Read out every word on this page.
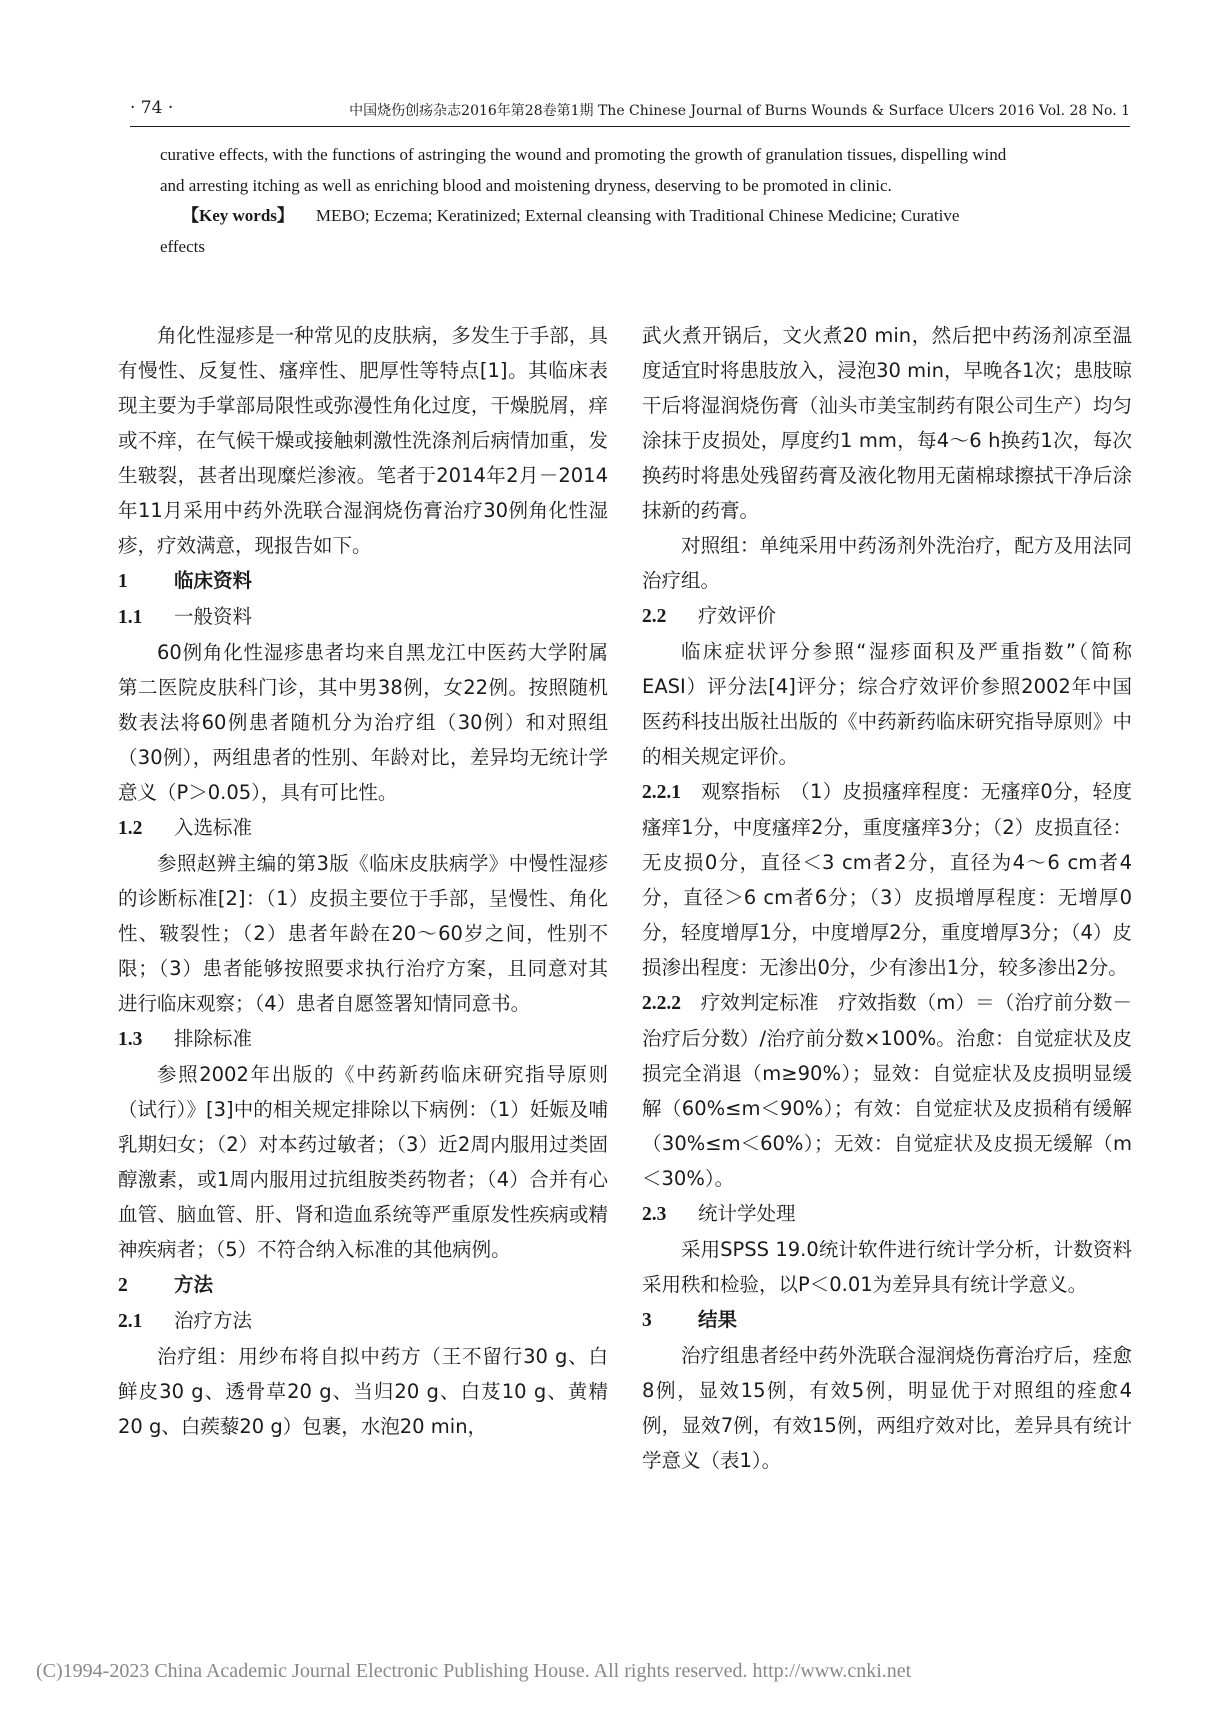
· 74 ·	中国烧伤创疡杂志2016年第28卷第1期 The Chinese Journal of Burns Wounds & Surface Ulcers 2016 Vol. 28 No. 1
curative effects, with the functions of astringing the wound and promoting the growth of granulation tissues, dispelling wind
and arresting itching as well as enriching blood and moistening dryness, deserving to be promoted in clinic.
【Key words】 MEBO; Eczema; Keratinized; External cleansing with Traditional Chinese Medicine; Curative
effects

角化性湿疹是一种常见的皮肤病，多发生于手部，具有慢性、反复性、瘙痒性、肥厚性等特点[1]。其临床表现主要为手掌部局限性或弥漫性角化过度，干燥脱屑，痒或不痒，在气候干燥或接触刺激性洗涤剂后病情加重，发生皲裂，甚者出现糜烂渗液。笔者于2014年2月－2014年11月采用中药外洗联合湿润烧伤膏治疗30例角化性湿疹，疗效满意，现报告如下。

1 临床资料
1.1 一般资料

60例角化性湿疹患者均来自黑龙江中医药大学附属第二医院皮肤科门诊，其中男38例，女22例。按照随机数表法将60例患者随机分为治疗组（30例）和对照组（30例），两组患者的性别、年龄对比，差异均无统计学意义（P＞0.05），具有可比性。

1.2 入选标准

参照赵辨主编的第3版《临床皮肤病学》中慢性湿疹的诊断标准[2]：（1）皮损主要位于手部，呈慢性、角化性、皲裂性；（2）患者年龄在20～60岁之间，性别不限；（3）患者能够按照要求执行治疗方案，且同意对其进行临床观察；（4）患者自愿签署知情同意书。

1.3 排除标准

参照2002年出版的《中药新药临床研究指导原则（试行）》[3]中的相关规定排除以下病例：（1）妊娠及哺乳期妇女；（2）对本药过敏者；（3）近2周内服用过类固醇激素，或1周内服用过抗组胺类药物者；（4）合并有心血管、脑血管、肝、肾和造血系统等严重原发性疾病或精神疾病者；（5）不符合纳入标准的其他病例。

2 方法
2.1 治疗方法

治疗组：用纱布将自拟中药方（王不留行30 g、白鲜皮30 g、透骨草20 g、当归20 g、白芨10 g、黄精20 g、白蒺藜20 g）包裹，水泡20 min，

武火煮开锅后，文火煮20 min，然后把中药汤剂凉至温度适宜时将患肢放入，浸泡30 min，早晚各1次；患肢晾干后将湿润烧伤膏（汕头市美宝制药有限公司生产）均匀涂抹于皮损处，厚度约1 mm，每4～6 h换药1次，每次换药时将患处残留药膏及液化物用无菌棉球擦拭干净后涂抹新的药膏。

对照组：单纯采用中药汤剂外洗治疗，配方及用法同治疗组。

2.2 疗效评价

临床症状评分参照“湿疹面积及严重指数”（简称EASI）评分法[4]评分；综合疗效评价参照2002年中国医药科技出版社出版的《中药新药临床研究指导原则》中的相关规定评价。

2.2.1　 观察指标　（1）皮损瘙痒程度：无瘙痒0分，轻度瘙痒1分，中度瘙痒2分，重度瘙痒3分；（2）皮损直径：无皮损0分，直径＜3 cm者2分，直径为4～6 cm者4分，直径＞6 cm者6分；（3）皮损增厚程度：无增厚0分，轻度增厚1分，中度增厚2分，重度增厚3分；（4）皮损渗出程度：无渗出0分，少有渗出1分，较多渗出2分。

2.2.2　 疗效判定标准　疗效指数（m）＝（治疗前分数－治疗后分数）/治疗前分数×100%。治愈：自觉症状及皮损完全消退（m≥90%）；显效：自觉症状及皮损明显缓解（60%≤m＜90%）；有效：自觉症状及皮损稍有缓解（30%≤m＜60%）；无效：自觉症状及皮损无缓解（m＜30%）。

2.3 统计学处理

采用SPSS 19.0统计软件进行统计学分析，计数资料采用秩和检验，以P＜0.01为差异具有统计学意义。

3 结果

治疗组患者经中药外洗联合湿润烧伤膏治疗后，痊愈8例，显效15例，有效5例，明显优于对照组的痊愈4例，显效7例，有效15例，两组疗效对比，差异具有统计学意义（表1）。

(C)1994-2023 China Academic Journal Electronic Publishing House. All rights reserved. http://www.cnki.net
